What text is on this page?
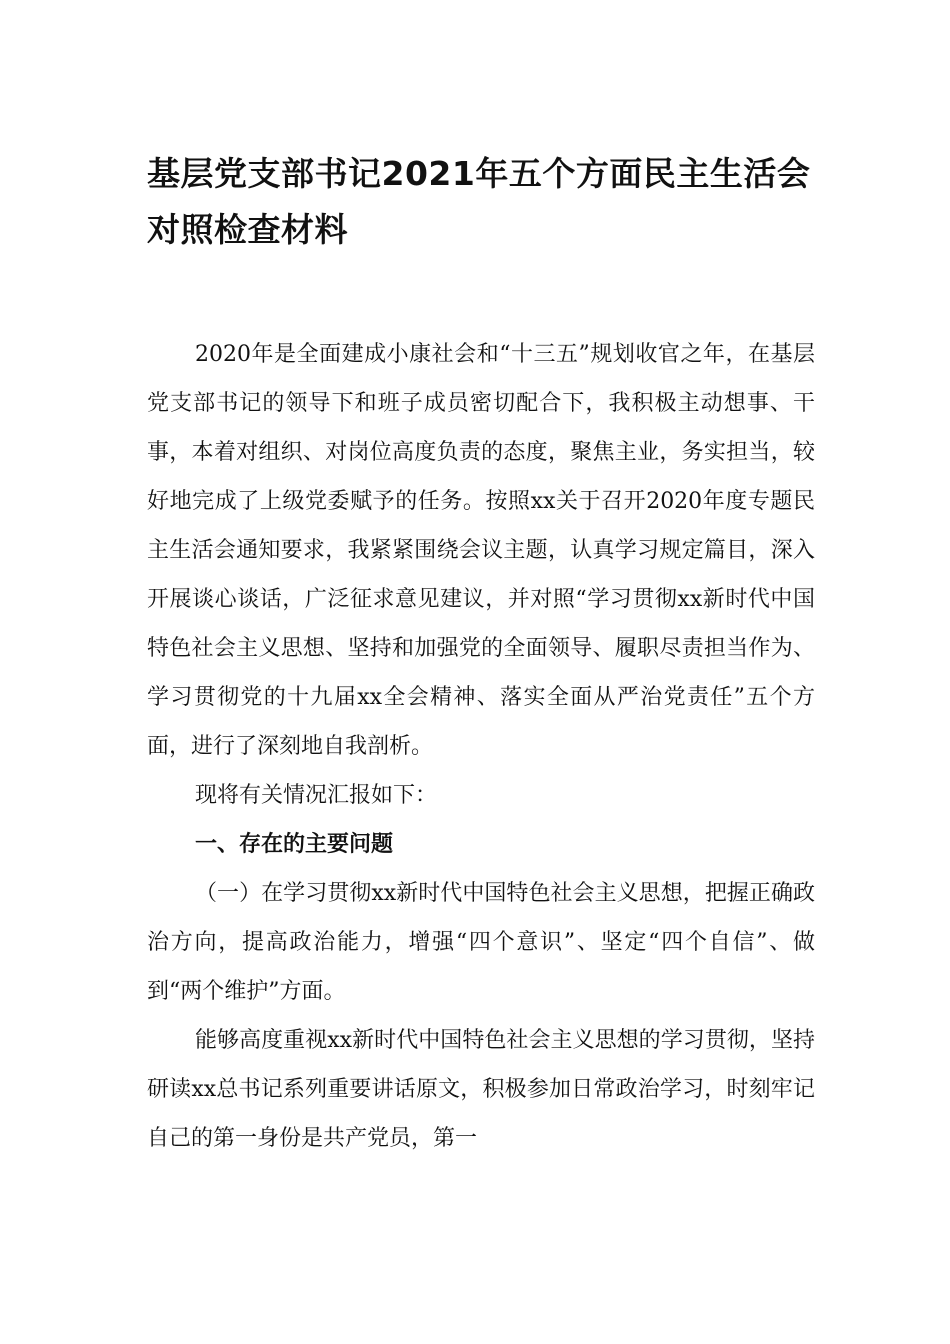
基层党支部书记2021年五个方面民主生活会对照检查材料

2020年是全面建成小康社会和“十三五”规划收官之年，在基层党支部书记的领导下和班子成员密切配合下，我积极主动想事、干事，本着对组织、对岗位高度负责的态度，聚焦主业，务实担当，较好地完成了上级党委赋予的任务。按照xx关于召开2020年度专题民主生活会通知要求，我紧紧围绕会议主题，认真学习规定篇目，深入开展谈心谈话，广泛征求意见建议，并对照“学习贯彻xx新时代中国特色社会主义思想、坚持和加强党的全面领导、履职尽责担当作为、学习贯彻党的十九届xx全会精神、落实全面从严治党责任”五个方面，进行了深刻地自我剖析。

现将有关情况汇报如下：

一、存在的主要问题

（一）在学习贯彻xx新时代中国特色社会主义思想，把握正确政治方向，提高政治能力，增强“四个意识”、坚定“四个自信”、做到“两个维护”方面。

能够高度重视xx新时代中国特色社会主义思想的学习贯彻，坚持研读xx总书记系列重要讲话原文，积极参加日常政治学习，时刻牢记自己的第一身份是共产党员，第一
